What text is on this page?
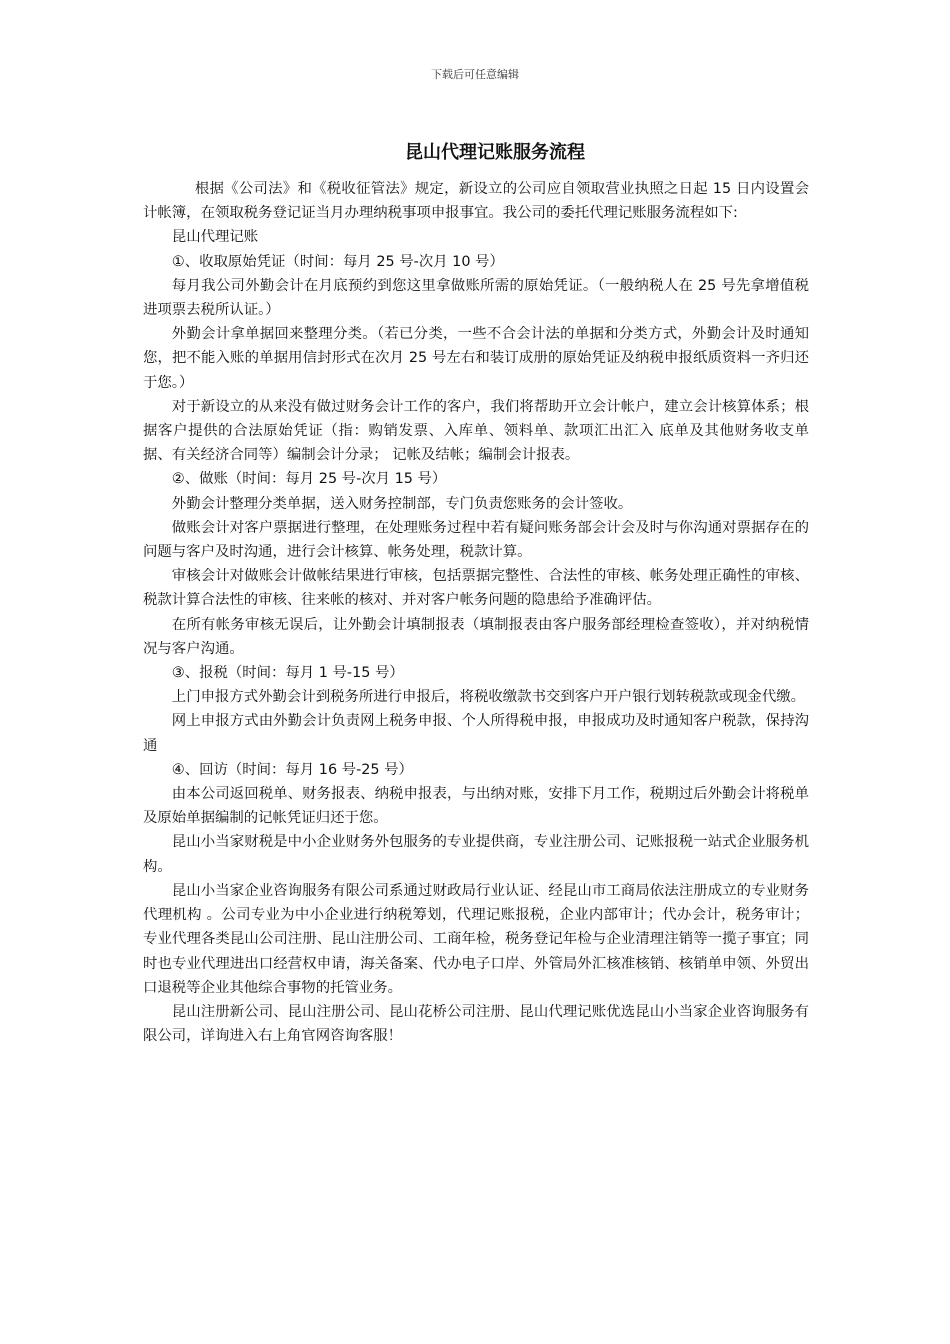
下载后可任意编辑
昆山代理记账服务流程

根据《公司法》和《税收征管法》规定，新设立的公司应自领取营业执照之日起 15 日内设置会计帐簿，在领取税务登记证当月办理纳税事项申报事宜。我公司的委托代理记账服务流程如下:

昆山代理记账

①、收取原始凭证（时间：每月 25 号-次月 10 号）

每月我公司外勤会计在月底预约到您这里拿做账所需的原始凭证。（一般纳税人在 25 号先拿增值税进项票去税所认证。）

外勤会计拿单据回来整理分类。（若已分类，一些不合会计法的单据和分类方式，外勤会计及时通知您，把不能入账的单据用信封形式在次月 25 号左右和装订成册的原始凭证及纳税申报纸质资料一齐归还于您。）

对于新设立的从来没有做过财务会计工作的客户，我们将帮助开立会计帐户，建立会计核算体系；根据客户提供的合法原始凭证（指：购销发票、入库单、领料单、款项汇出汇入 底单及其他财务收支单据、有关经济合同等）编制会计分录； 记帐及结帐；编制会计报表。

②、做账（时间：每月 25 号-次月 15 号）

外勤会计整理分类单据，送入财务控制部，专门负责您账务的会计签收。

做账会计对客户票据进行整理，在处理账务过程中若有疑问账务部会计会及时与你沟通对票据存在的问题与客户及时沟通，进行会计核算、帐务处理，税款计算。

审核会计对做账会计做帐结果进行审核，包括票据完整性、合法性的审核、帐务处理正确性的审核、税款计算合法性的审核、往来帐的核对、并对客户帐务问题的隐患给予准确评估。

在所有帐务审核无误后，让外勤会计填制报表（填制报表由客户服务部经理检查签收），并对纳税情况与客户沟通。

③、报税（时间：每月 1 号-15 号）

上门申报方式外勤会计到税务所进行申报后，将税收缴款书交到客户开户银行划转税款或现金代缴。

网上申报方式由外勤会计负责网上税务申报、个人所得税申报，申报成功及时通知客户税款，保持沟通

④、回访（时间：每月 16 号-25 号）

由本公司返回税单、财务报表、纳税申报表，与出纳对账，安排下月工作，税期过后外勤会计将税单及原始单据编制的记帐凭证归还于您。

昆山小当家财税是中小企业财务外包服务的专业提供商，专业注册公司、记账报税一站式企业服务机构。

昆山小当家企业咨询服务有限公司系通过财政局行业认证、经昆山市工商局依法注册成立的专业财务代理机构 。公司专业为中小企业进行纳税筹划，代理记账报税，企业内部审计；代办会计，税务审计；专业代理各类昆山公司注册、昆山注册公司、工商年检，税务登记年检与企业清理注销等一揽子事宜；同时也专业代理进出口经营权申请，海关备案、代办电子口岸、外管局外汇核准核销、核销单申领、外贸出口退税等企业其他综合事物的托管业务。

昆山注册新公司、昆山注册公司、昆山花桥公司注册、昆山代理记账优选昆山小当家企业咨询服务有限公司，详询进入右上角官网咨询客服！
